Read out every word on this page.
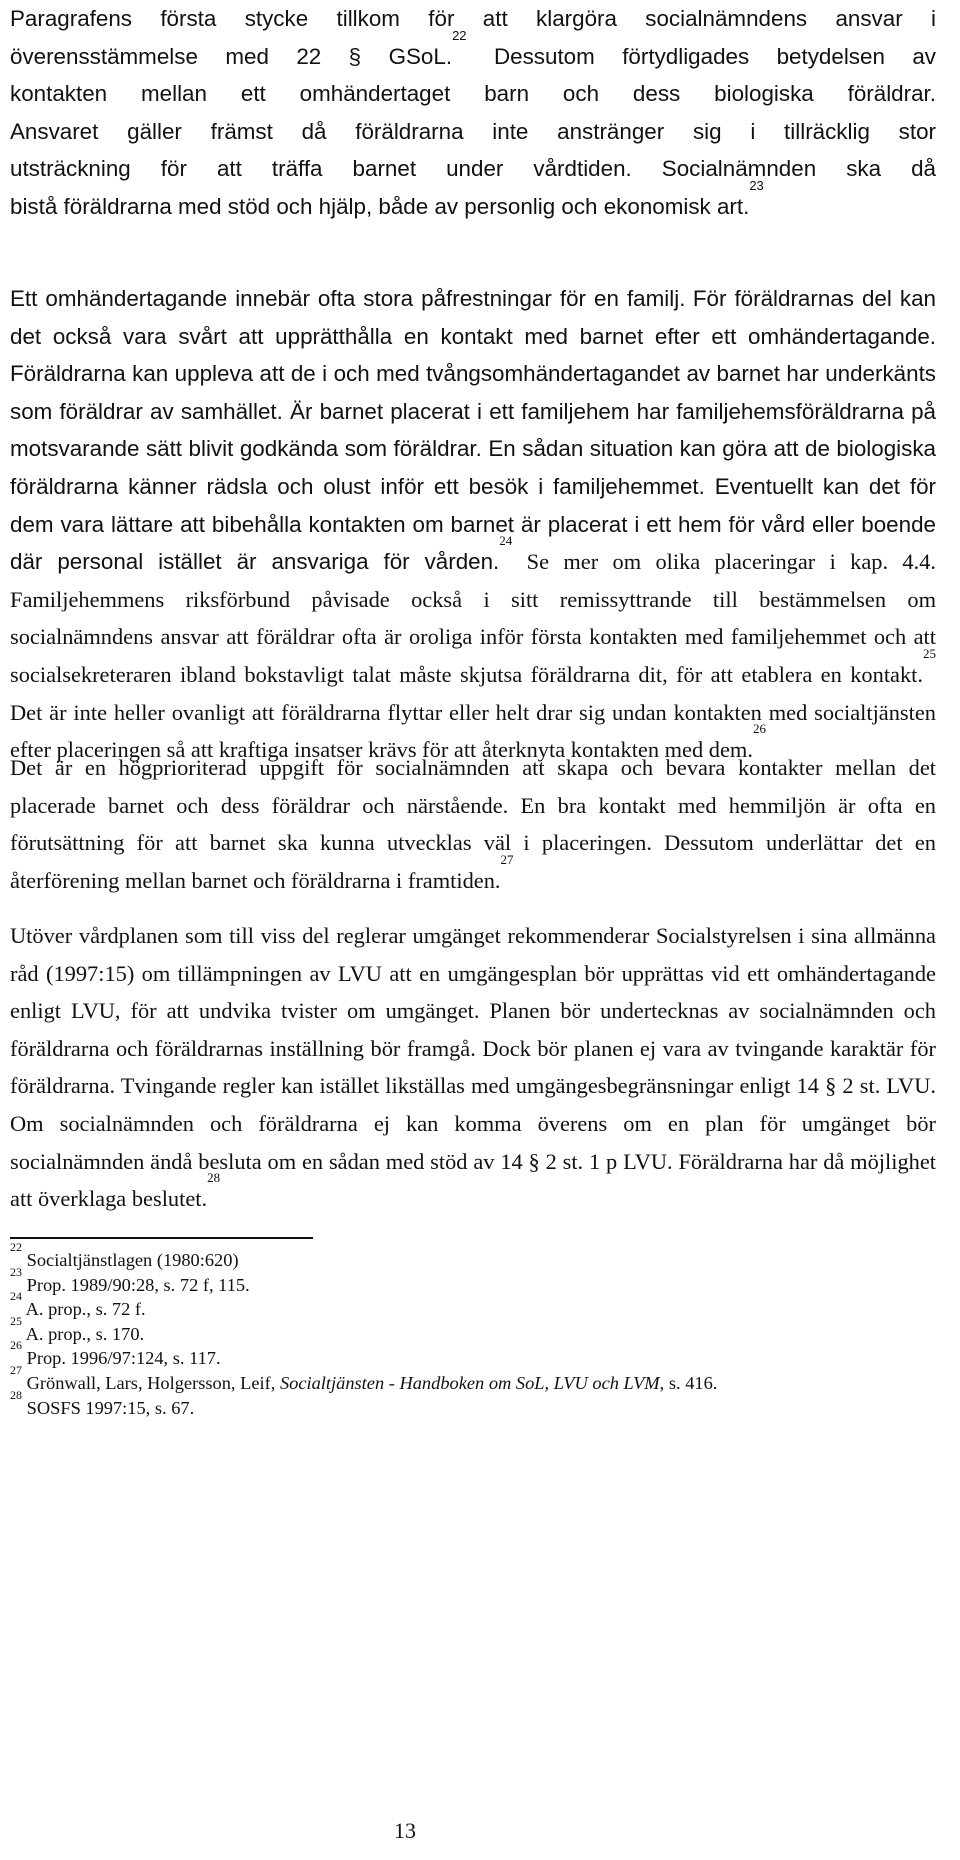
Paragrafens första stycke tillkom för att klargöra socialnämndens ansvar i
överensstämmelse med 22 § GSoL.$^{22}$ Dessutom förtydligades betydelsen av
kontakten mellan ett omhändertaget barn och dess biologiska föräldrar.
Ansvaret gäller främst då föräldrarna inte anstränger sig i tillräcklig stor
utsträckning för att träffa barnet under vårdtiden. Socialnämnden ska då
bistå föräldrarna med stöd och hjälp, både av personlig och ekonomisk art.$^{23}$
Ett omhändertagande innebär ofta stora påfrestningar för en familj. För föräldrarnas del kan det också vara svårt att upprätthålla en kontakt med barnet efter ett omhändertagande. Föräldrarna kan uppleva att de i och med tvångsomhändertagandet av barnet har underkänts som föräldrar av samhället. Är barnet placerat i ett familjehem har familjehemsföräldrarna på motsvarande sätt blivit godkända som föräldrar. En sådan situation kan göra att de biologiska föräldrarna känner rädsla och olust inför ett besök i familjehemmet. Eventuellt kan det för dem vara lättare att bibehålla kontakten om barnet är placerat i ett hem för vård eller boende där personal istället är ansvariga för vården.$^{24}$ Se mer om olika placeringar i kap. 4.4. Familjehemmens riksförbund påvisade också i sitt remissyttrande till bestämmelsen om socialnämndens ansvar att föräldrar ofta är oroliga inför första kontakten med familjehemmet och att socialsekreteraren ibland bokstavligt talat måste skjutsa föräldrarna dit, för att etablera en kontakt.$^{25}$ Det är inte heller ovanligt att föräldrarna flyttar eller helt drar sig undan kontakten med socialtjänsten efter placeringen så att kraftiga insatser krävs för att återknyta kontakten med dem.$^{26}$
Det är en högprioriterad uppgift för socialnämnden att skapa och bevara kontakter mellan det placerade barnet och dess föräldrar och närstående. En bra kontakt med hemmiljön är ofta en förutsättning för att barnet ska kunna utvecklas väl i placeringen. Dessutom underlättar det en återförening mellan barnet och föräldrarna i framtiden.$^{27}$
Utöver vårdplanen som till viss del reglerar umgänget rekommenderar Socialstyrelsen i sina allmänna råd (1997:15) om tillämpningen av LVU att en umgängesplan bör upprättas vid ett omhändertagande enligt LVU, för att undvika tvister om umgänget. Planen bör undertecknas av socialnämnden och föräldrarna och föräldrarnas inställning bör framgå. Dock bör planen ej vara av tvingande karaktär för föräldrarna. Tvingande regler kan istället likställas med umgängesbegränsningar enligt 14 § 2 st. LVU. Om socialnämnden och föräldrarna ej kan komma överens om en plan för umgänget bör socialnämnden ändå besluta om en sådan med stöd av 14 § 2 st. 1 p LVU. Föräldrarna har då möjlighet att överklaga beslutet.$^{28}$
$^{22}$ Socialtjänstlagen (1980:620)
$^{23}$ Prop. 1989/90:28, s. 72 f, 115.
$^{24}$ A. prop., s. 72 f.
$^{25}$ A. prop., s. 170.
$^{26}$ Prop. 1996/97:124, s. 117.
$^{27}$ Grönwall, Lars, Holgersson, Leif, Socialtjänsten - Handboken om SoL, LVU och LVM, s. 416.
$^{28}$ SOSFS 1997:15, s. 67.
13
